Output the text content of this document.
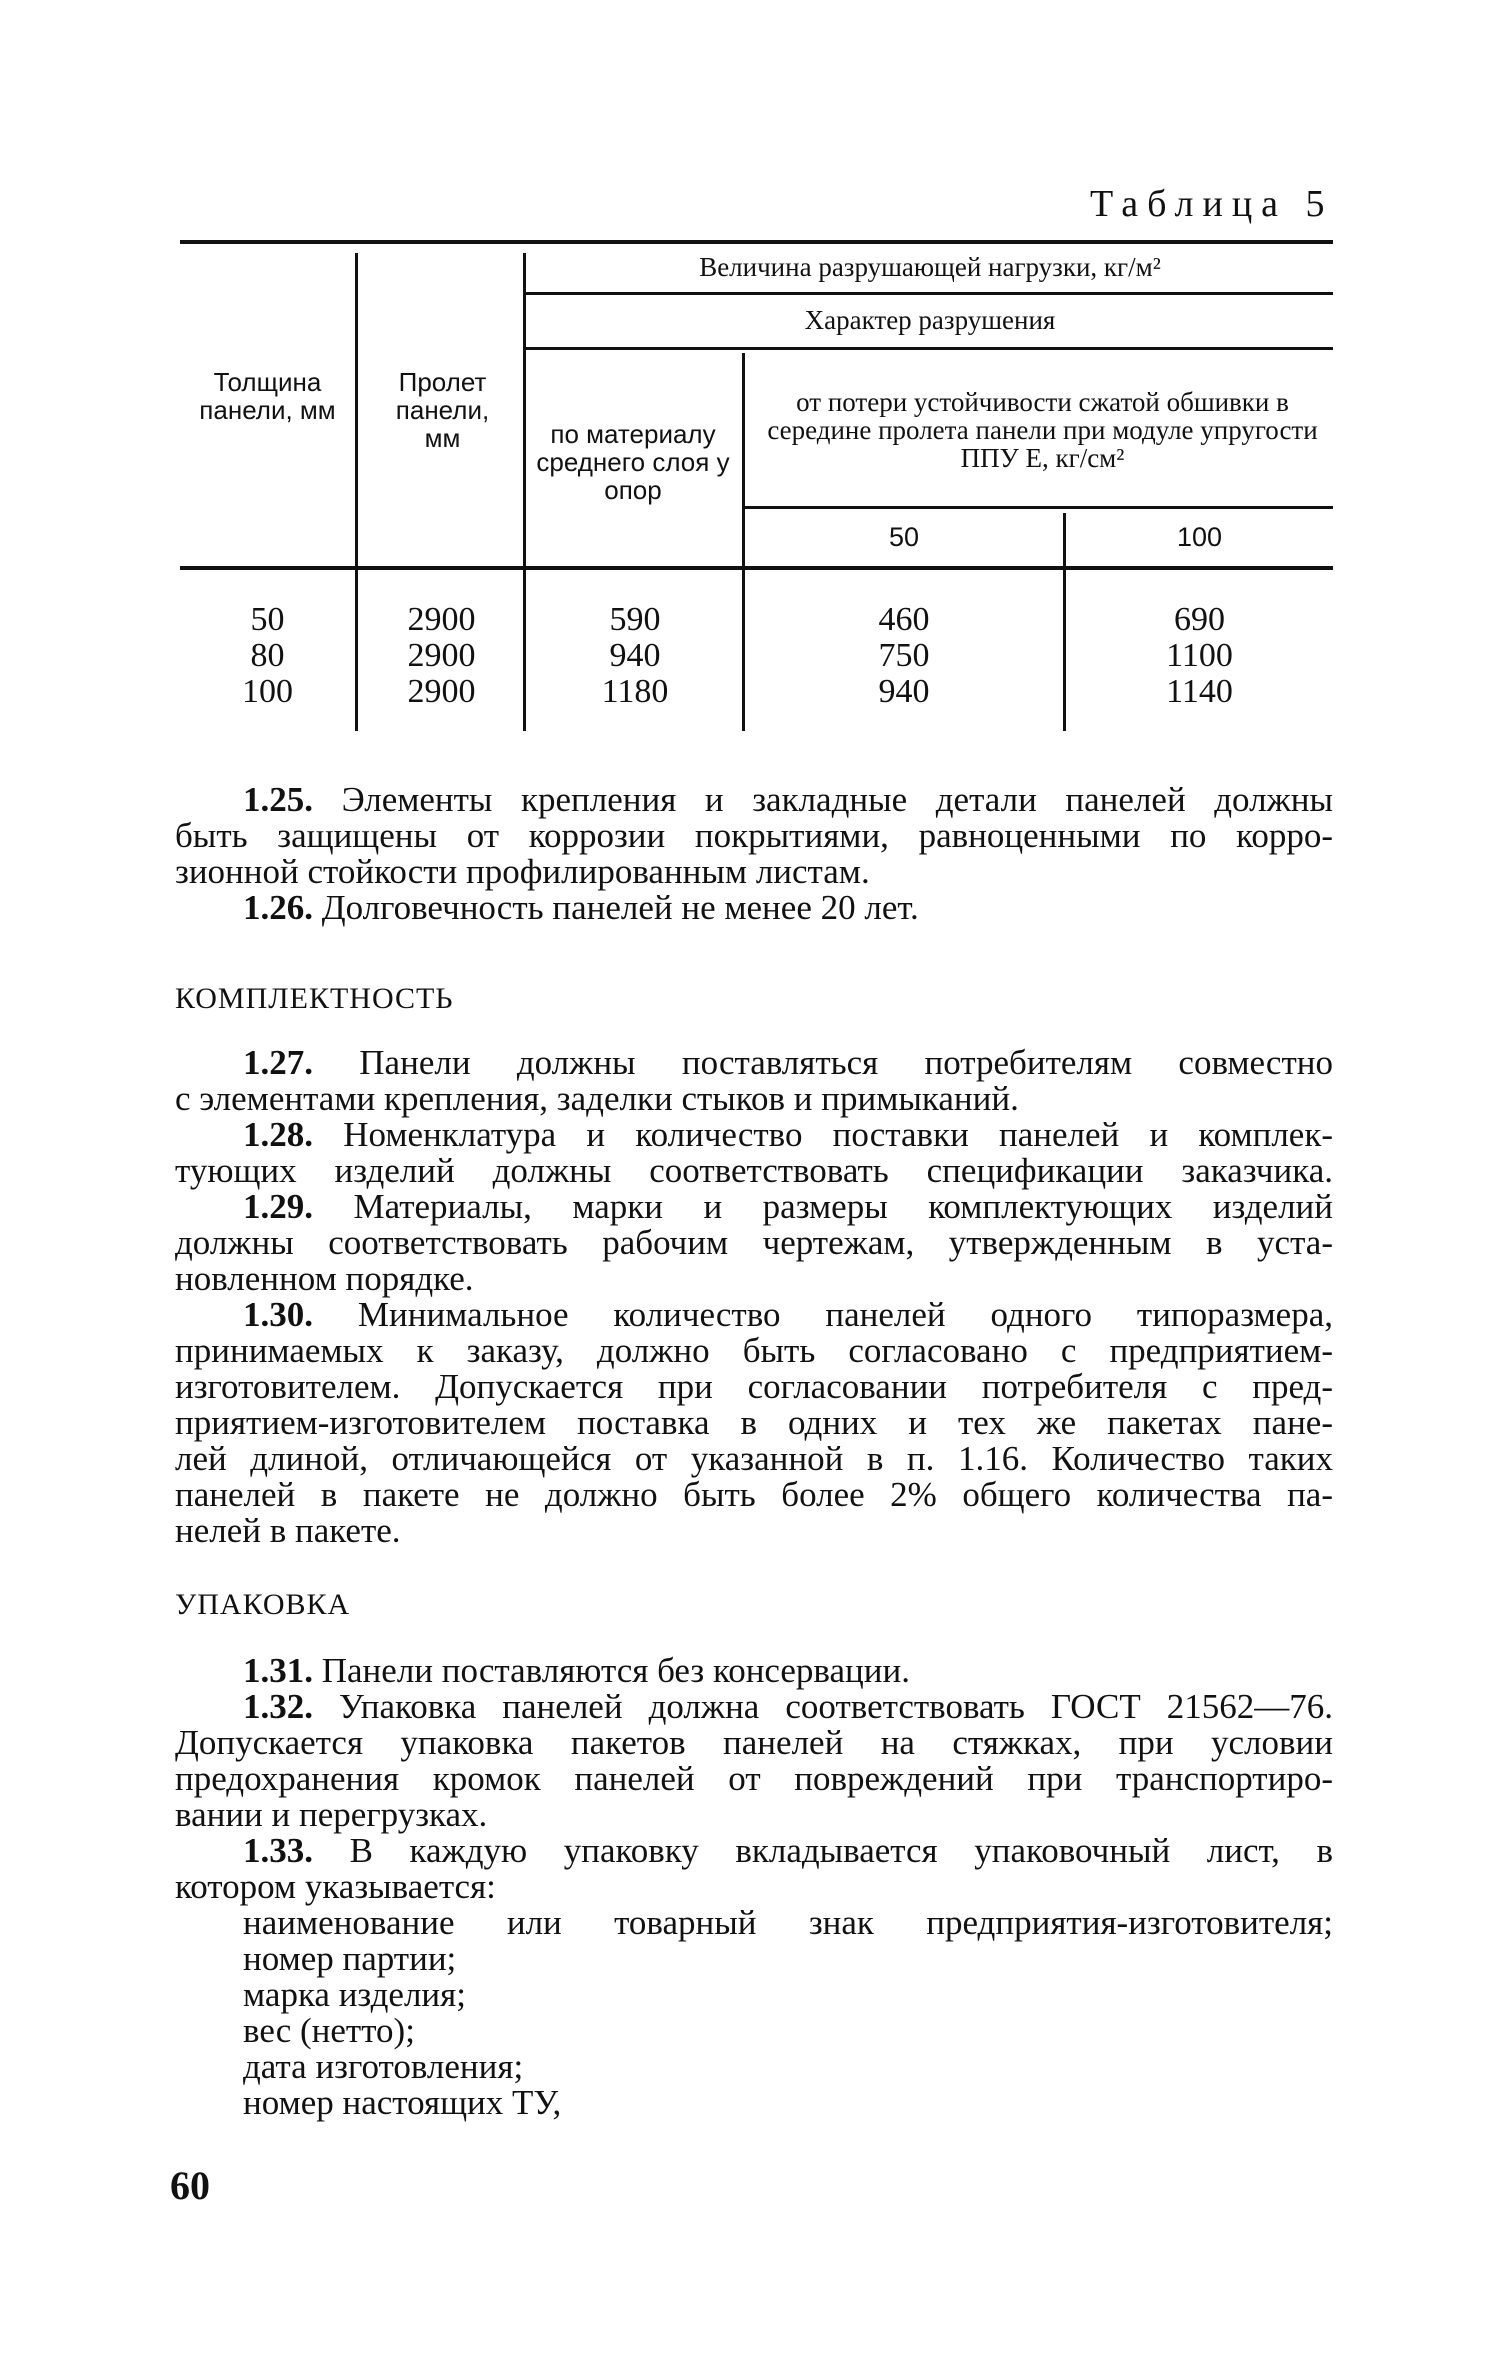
Таблица 5
Толщина панели, мм
Пролет панели, мм
Величина разрушающей нагрузки, кг/м²
Характер разрушения
по материалу среднего слоя у опор
от потери устойчивости сжатой обшивки в середине пролета панели при модуле упругости ППУ E, кг/см²
50	100
50
80
100
2900
2900
2900
590
940
1180
460
750
940
690
1100
1140
1.25. Элементы крепления и закладные детали панелей должны
быть защищены от коррозии покрытиями, равноценными по корро-
зионной стойкости профилированным листам.
1.26. Долговечность панелей не менее 20 лет.
КОМПЛЕКТНОСТЬ
1.27. Панели должны поставляться потребителям совместно
с элементами крепления, заделки стыков и примыканий.
1.28. Номенклатура и количество поставки панелей и комплек-
тующих изделий должны соответствовать спецификации заказчика.
1.29. Материалы, марки и размеры комплектующих изделий
должны соответствовать рабочим чертежам, утвержденным в уста-
новленном порядке.
1.30. Минимальное количество панелей одного типоразмера,
принимаемых к заказу, должно быть согласовано с предприятием-
изготовителем. Допускается при согласовании потребителя с пред-
приятием-изготовителем поставка в одних и тех же пакетах пане-
лей длиной, отличающейся от указанной в п. 1.16. Количество таких
панелей в пакете не должно быть более 2% общего количества па-
нелей в пакете.
УПАКОВКА
1.31. Панели поставляются без консервации.
1.32. Упаковка панелей должна соответствовать ГОСТ 21562—76.
Допускается упаковка пакетов панелей на стяжках, при условии
предохранения кромок панелей от повреждений при транспортиро-
вании и перегрузках.
1.33. В каждую упаковку вкладывается упаковочный лист, в
котором указывается:
наименование или товарный знак предприятия-изготовителя;
номер партии;
марка изделия;
вес (нетто);
дата изготовления;
номер настоящих ТУ,
60
